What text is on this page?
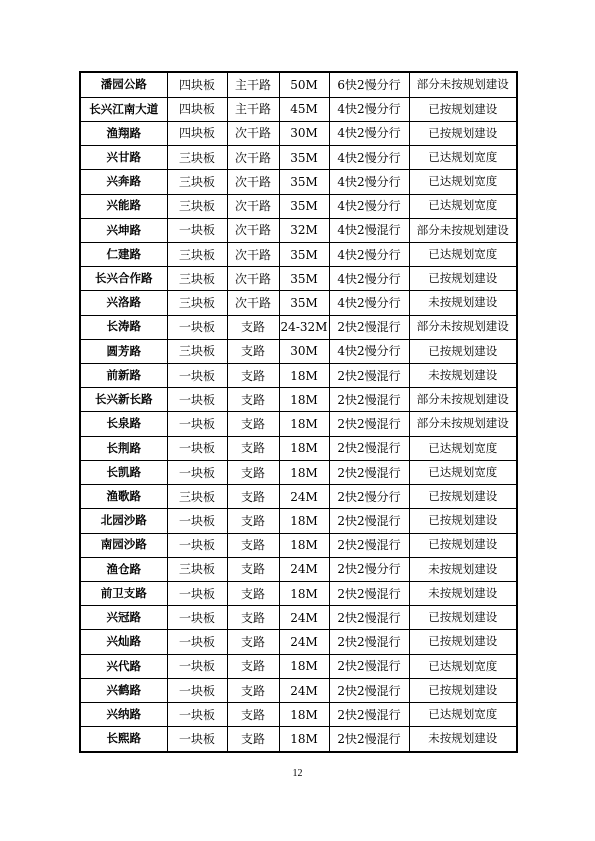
潘园公路	四块板	主干路	50M	6快2慢分行	部分未按规划建设
长兴江南大道	四块板	主干路	45M	4快2慢分行	已按规划建设
渔翔路	四块板	次干路	30M	4快2慢分行	已按规划建设
兴甘路	三块板	次干路	35M	4快2慢分行	已达规划宽度
兴奔路	三块板	次干路	35M	4快2慢分行	已达规划宽度
兴能路	三块板	次干路	35M	4快2慢分行	已达规划宽度
兴坤路	一块板	次干路	32M	4快2慢混行	部分未按规划建设
仁建路	三块板	次干路	35M	4快2慢分行	已达规划宽度
长兴合作路	三块板	次干路	35M	4快2慢分行	已按规划建设
兴洛路	三块板	次干路	35M	4快2慢分行	未按规划建设
长涛路	一块板	支路	24-32M	2快2慢混行	部分未按规划建设
圆芳路	三块板	支路	30M	4快2慢分行	已按规划建设
前新路	一块板	支路	18M	2快2慢混行	未按规划建设
长兴新长路	一块板	支路	18M	2快2慢混行	部分未按规划建设
长泉路	一块板	支路	18M	2快2慢混行	部分未按规划建设
长荆路	一块板	支路	18M	2快2慢混行	已达规划宽度
长凯路	一块板	支路	18M	2快2慢混行	已达规划宽度
渔歌路	三块板	支路	24M	2快2慢分行	已按规划建设
北园沙路	一块板	支路	18M	2快2慢混行	已按规划建设
南园沙路	一块板	支路	18M	2快2慢混行	已按规划建设
渔仓路	三块板	支路	24M	2快2慢分行	未按规划建设
前卫支路	一块板	支路	18M	2快2慢混行	未按规划建设
兴冠路	一块板	支路	24M	2快2慢混行	已按规划建设
兴灿路	一块板	支路	24M	2快2慢混行	已按规划建设
兴代路	一块板	支路	18M	2快2慢混行	已达规划宽度
兴鹤路	一块板	支路	24M	2快2慢混行	已按规划建设
兴纳路	一块板	支路	18M	2快2慢混行	已达规划宽度
长熙路	一块板	支路	18M	2快2慢混行	未按规划建设
12
